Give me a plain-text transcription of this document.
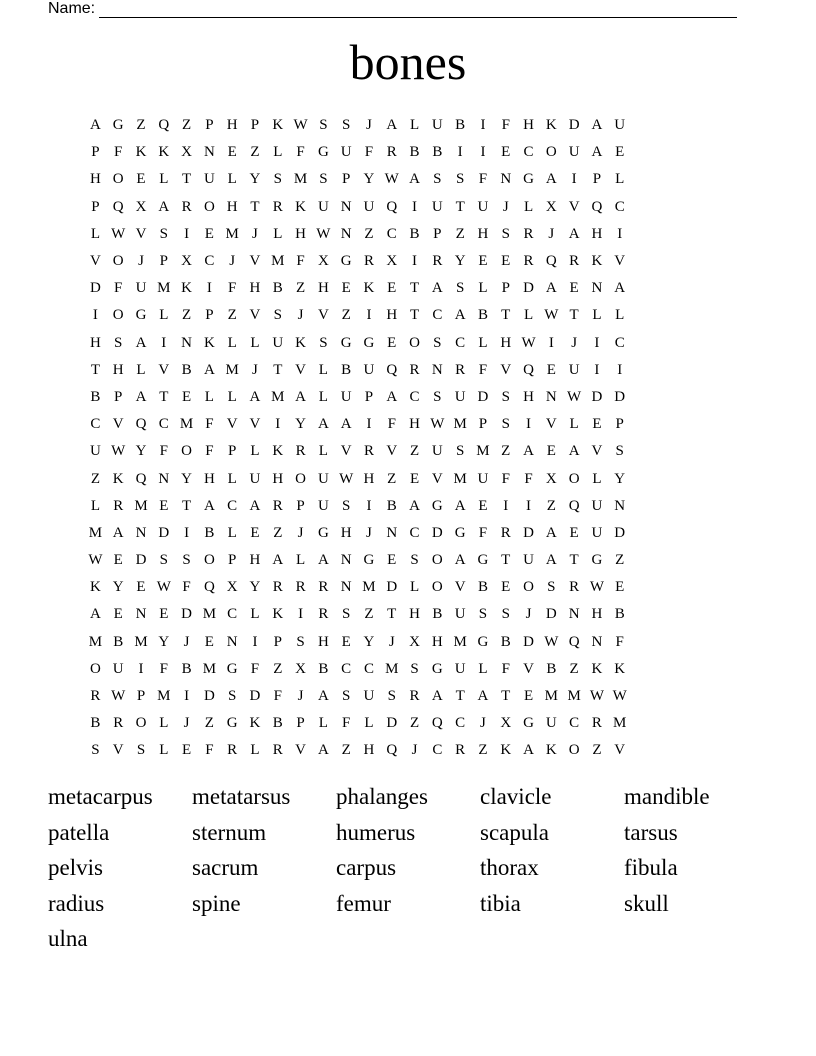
Name:
bones
A G Z Q Z P H P K W S S	J A L U B	I	F H K D A U
P F K K X N E Z L F G U F R B B	I	I	E C O U A E
H O E L T U L Y S M S P Y W A S S F N G A I	P L
P Q X A R O H T R K U N U Q I U T U J	L X V Q C
L W V S	I	E M J	L H W N Z C B P Z H S R J A H I
V O J	P X C J V M F X G R X I	R Y E E R Q R K V
D F U M K I	F H B Z H E K E T A S L P D A E N A
I O G L Z P Z V S	J V Z	I H T C A B T L W T L L
H S A I N K L L U K S G G E O S C L H W I	J	I	C
T H L V B A M J	T V L B U Q R N R F V Q E U I	I
B P A T E L L A M A L U P A C S U D S H N W D D
C V Q C M F V V I Y A A I	F H W M P S	I V L E P
U W Y F O F P L K R L V R V Z U S M Z A E A V S
Z K Q N Y H L U H O U W H Z E V M U F F X O L Y
L R M E T A C A R P U S	I	B A G A E	I	I	Z Q U N
M A N D I	B L E Z	J G H J N C D G F R D A E U D
W E D S S O P H A L A N G E S O A G T U A T G Z
K Y E W F Q X Y R R R N M D L O V B E O S R W E
A E N E D M C L K I	R S Z T H B U S S	J D N H B
M B M Y J	E N I	P S H E Y J X H M G B D W Q N F
O U I	F B M G F Z X B C C M S G U L F V B Z K K
R W P M I D S D F	J A S U S R A T A T E M M W W
B R O L	J	Z G K B P L F L D Z Q C J X G U C R M
S V S L E F R L R V A Z H Q J C R Z K A K O Z V
metacarpus	metatarsus	phalanges	clavicle	mandible
patella	sternum	humerus	scapula	tarsus
pelvis	sacrum	carpus	thorax	fibula
radius	spine	femur	tibia	skull
ulna
